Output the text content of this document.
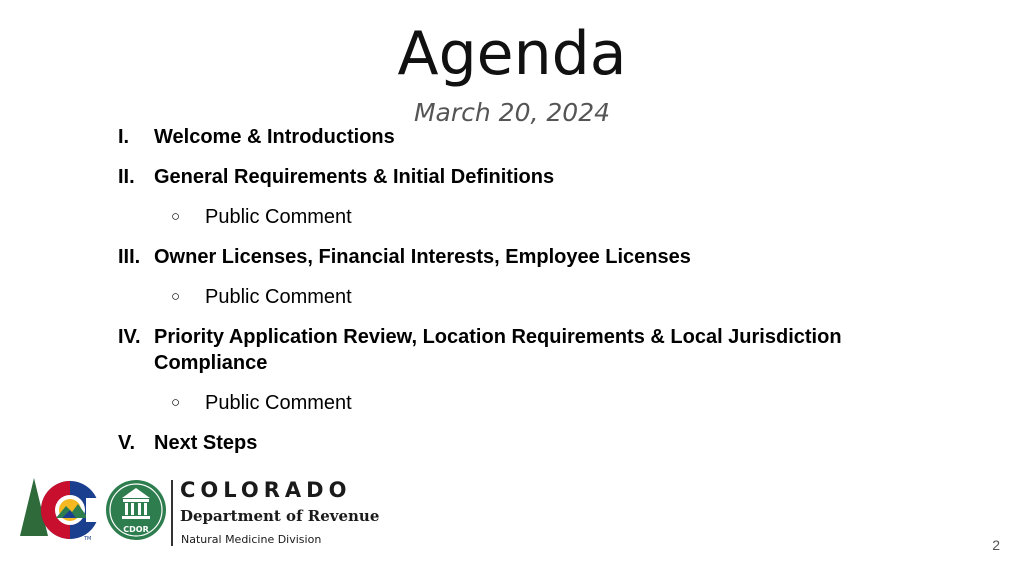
Agenda
March 20, 2024
I. Welcome & Introductions
II. General Requirements & Initial Definitions
○ Public Comment
III. Owner Licenses, Financial Interests, Employee Licenses
○ Public Comment
IV. Priority Application Review, Location Requirements & Local Jurisdiction Compliance
○ Public Comment
V. Next Steps
TM
CDOR
COLORADO
Department of Revenue
Natural Medicine Division	2
